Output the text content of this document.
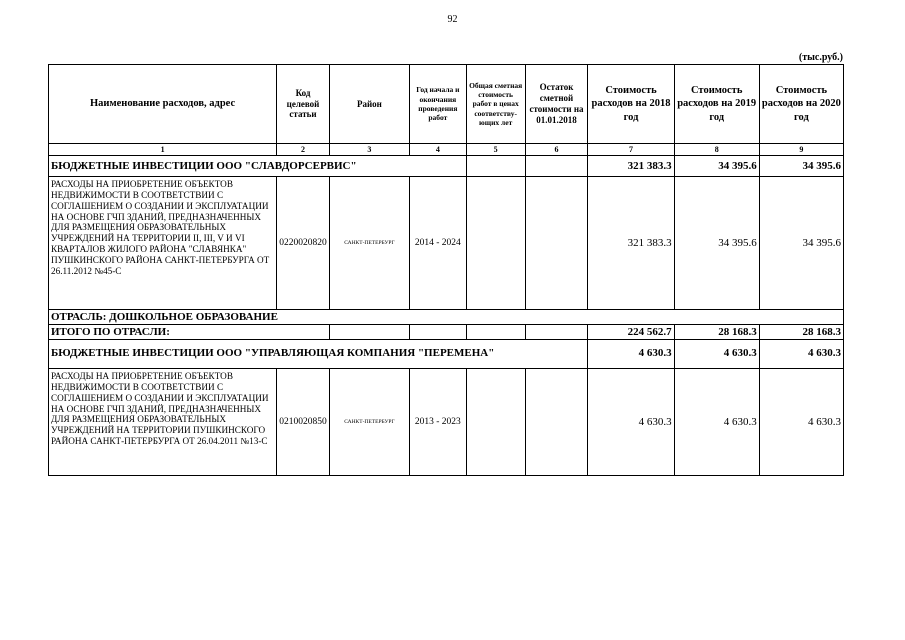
92
(тыс.руб.)
Наименование расходов, адрес	Код целевой статьи	Район	Год начала и окончания проведения работ	Общая сметная стоимость работ в ценах соответству-ющих лет	Остаток сметной стоимости на 01.01.2018	Стоимость расходов на 2018 год	Стоимость расходов на 2019 год	Стоимость расходов на 2020 год
1	2	3	4	5	6	7	8	9
БЮДЖЕТНЫЕ ИНВЕСТИЦИИ ООО "СЛАВДОРСЕРВИС"						321 383.3	34 395.6	34 395.6
РАСХОДЫ НА ПРИОБРЕТЕНИЕ ОБЪЕКТОВ НЕДВИЖИМОСТИ В СООТВЕТСТВИИ С СОГЛАШЕНИЕМ О СОЗДАНИИ И ЭКСПЛУАТАЦИИ НА ОСНОВЕ ГЧП ЗДАНИЙ, ПРЕДНАЗНАЧЕННЫХ ДЛЯ РАЗМЕЩЕНИЯ ОБРАЗОВАТЕЛЬНЫХ УЧРЕЖДЕНИЙ НА ТЕРРИТОРИИ II, III, V И VI КВАРТАЛОВ ЖИЛОГО РАЙОНА "СЛАВЯНКА" ПУШКИНСКОГО РАЙОНА САНКТ-ПЕТЕРБУРГА ОТ 26.11.2012 №45-С	0220020820	САНКТ-ПЕТЕРБУРГ	2014 - 2024			321 383.3	34 395.6	34 395.6
ОТРАСЛЬ: ДОШКОЛЬНОЕ ОБРАЗОВАНИЕ								
ИТОГО ПО ОТРАСЛИ:						224 562.7	28 168.3	28 168.3
БЮДЖЕТНЫЕ ИНВЕСТИЦИИ ООО "УПРАВЛЯЮЩАЯ КОМПАНИЯ "ПЕРЕМЕНА"						4 630.3	4 630.3	4 630.3
РАСХОДЫ НА ПРИОБРЕТЕНИЕ ОБЪЕКТОВ НЕДВИЖИМОСТИ В СООТВЕТСТВИИ С СОГЛАШЕНИЕМ О СОЗДАНИИ И ЭКСПЛУАТАЦИИ НА ОСНОВЕ ГЧП ЗДАНИЙ, ПРЕДНАЗНАЧЕННЫХ ДЛЯ РАЗМЕЩЕНИЯ ОБРАЗОВАТЕЛЬНЫХ УЧРЕЖДЕНИЙ НА ТЕРРИТОРИИ ПУШКИНСКОГО РАЙОНА САНКТ-ПЕТЕРБУРГА ОТ 26.04.2011 №13-С	0210020850	САНКТ-ПЕТЕРБУРГ	2013 - 2023			4 630.3	4 630.3	4 630.3
